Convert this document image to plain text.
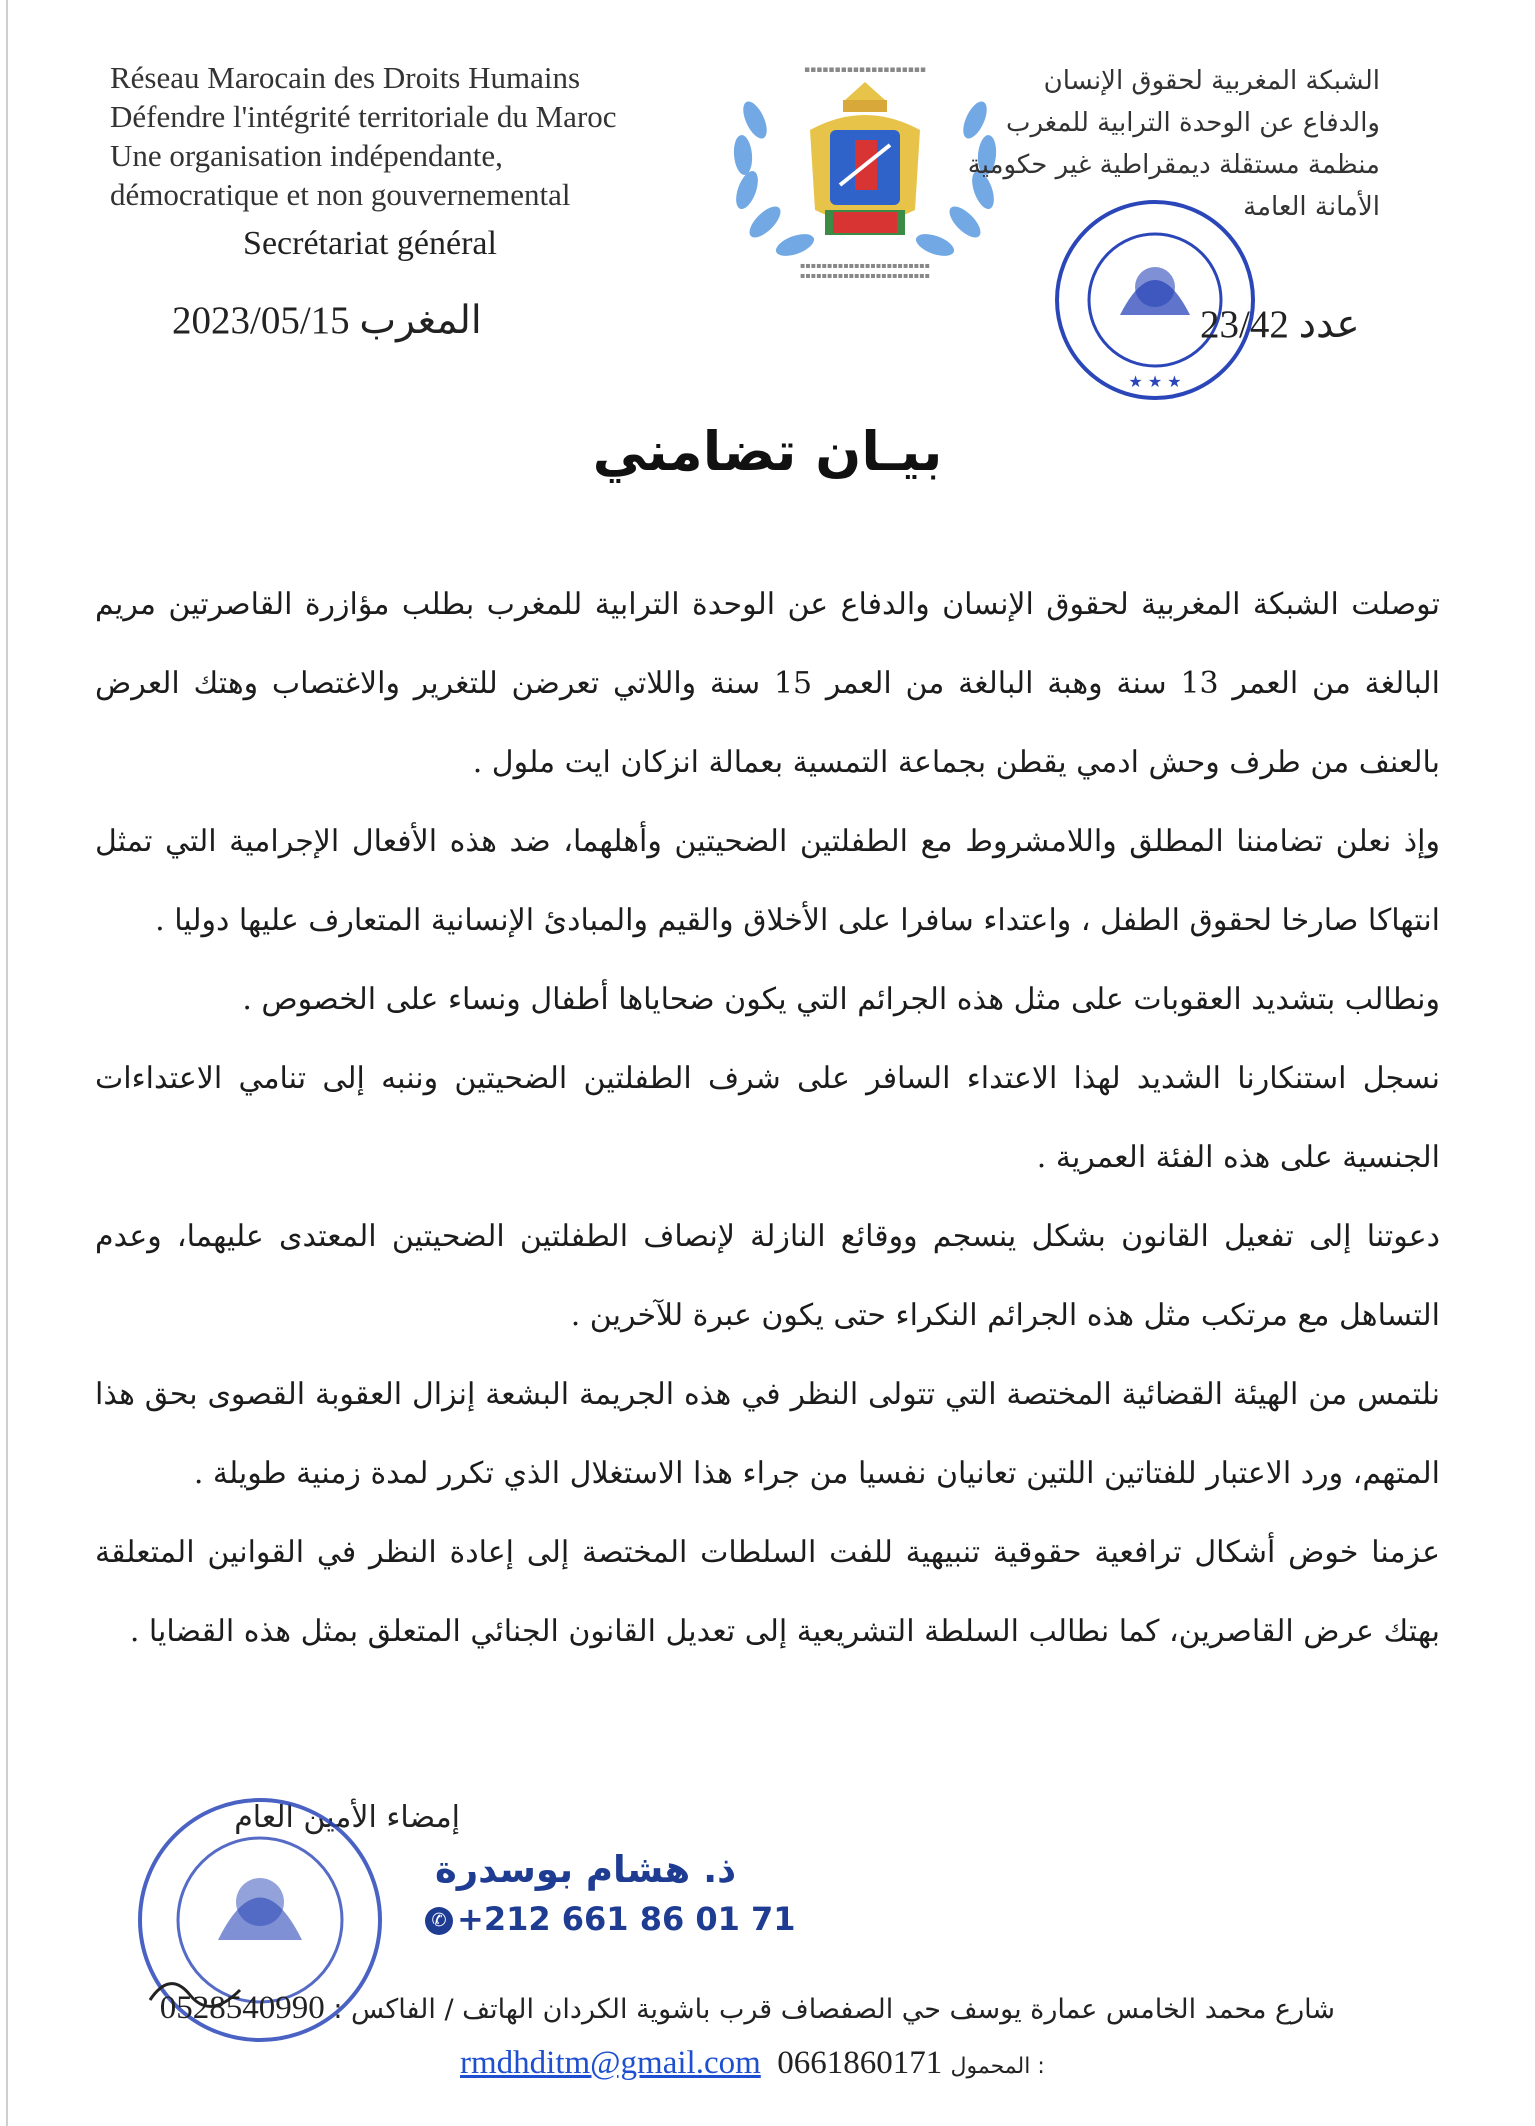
Réseau Marocain des Droits Humains
Défendre l'intégrité territoriale du Maroc
Une organisation indépendante,
démocratique et non gouvernemental
Secrétariat général
▪▪▪▪▪▪▪▪▪▪▪▪▪▪▪▪▪▪▪▪
▪▪▪▪▪▪▪▪▪▪▪▪▪▪▪▪▪▪▪▪▪▪▪▪
▪▪▪▪▪▪▪▪▪▪▪▪▪▪▪▪▪▪▪▪▪▪▪▪
الشبكة المغربية لحقوق الإنسان
والدفاع عن الوحدة الترابية للمغرب
منظمة مستقلة ديمقراطية غير حكومية
الأمانة العامة
★ ★ ★
عدد 23/42
المغرب 2023/05/15
بيـان تضامني

توصلت الشبكة المغربية لحقوق الإنسان والدفاع عن الوحدة الترابية للمغرب بطلب مؤازرة القاصرتين مريم البالغة من العمر 13 سنة وهبة البالغة من العمر 15 سنة واللاتي تعرضن للتغرير والاغتصاب وهتك العرض بالعنف من طرف وحش ادمي يقطن بجماعة التمسية بعمالة انزكان ايت ملول .

وإذ نعلن تضامننا المطلق واللامشروط مع الطفلتين الضحيتين وأهلهما، ضد هذه الأفعال الإجرامية التي تمثل انتهاكا صارخا لحقوق الطفل ، واعتداء سافرا على الأخلاق والقيم والمبادئ الإنسانية المتعارف عليها دوليا .

ونطالب بتشديد العقوبات على مثل هذه الجرائم التي يكون ضحاياها أطفال ونساء على الخصوص .

نسجل استنكارنا الشديد لهذا الاعتداء السافر على شرف الطفلتين الضحيتين وننبه إلى تنامي الاعتداءات الجنسية على هذه الفئة العمرية .

دعوتنا إلى تفعيل القانون بشكل ينسجم ووقائع النازلة لإنصاف الطفلتين الضحيتين المعتدى عليهما، وعدم التساهل مع مرتكب مثل هذه الجرائم النكراء حتى يكون عبرة للآخرين .

نلتمس من الهيئة القضائية المختصة التي تتولى النظر في هذه الجريمة البشعة إنزال العقوبة القصوى بحق هذا المتهم، ورد الاعتبار للفتاتين اللتين تعانيان نفسيا من جراء هذا الاستغلال الذي تكرر لمدة زمنية طويلة .

عزمنا خوض أشكال ترافعية حقوقية تنبيهية للفت السلطات المختصة إلى إعادة النظر في القوانين المتعلقة بهتك عرض القاصرين، كما نطالب السلطة التشريعية إلى تعديل القانون الجنائي المتعلق بمثل هذه القضايا .

إمضاء الأمين العام
ذ. هشام بوسدرة
✆ +212 661 86 01 71
شارع محمد الخامس عمارة يوسف حي الصفصاف قرب باشوية الكردان الهاتف / الفاكس : 0528540990
rmdhditm@gmail.com 0661860171 المحمول :
